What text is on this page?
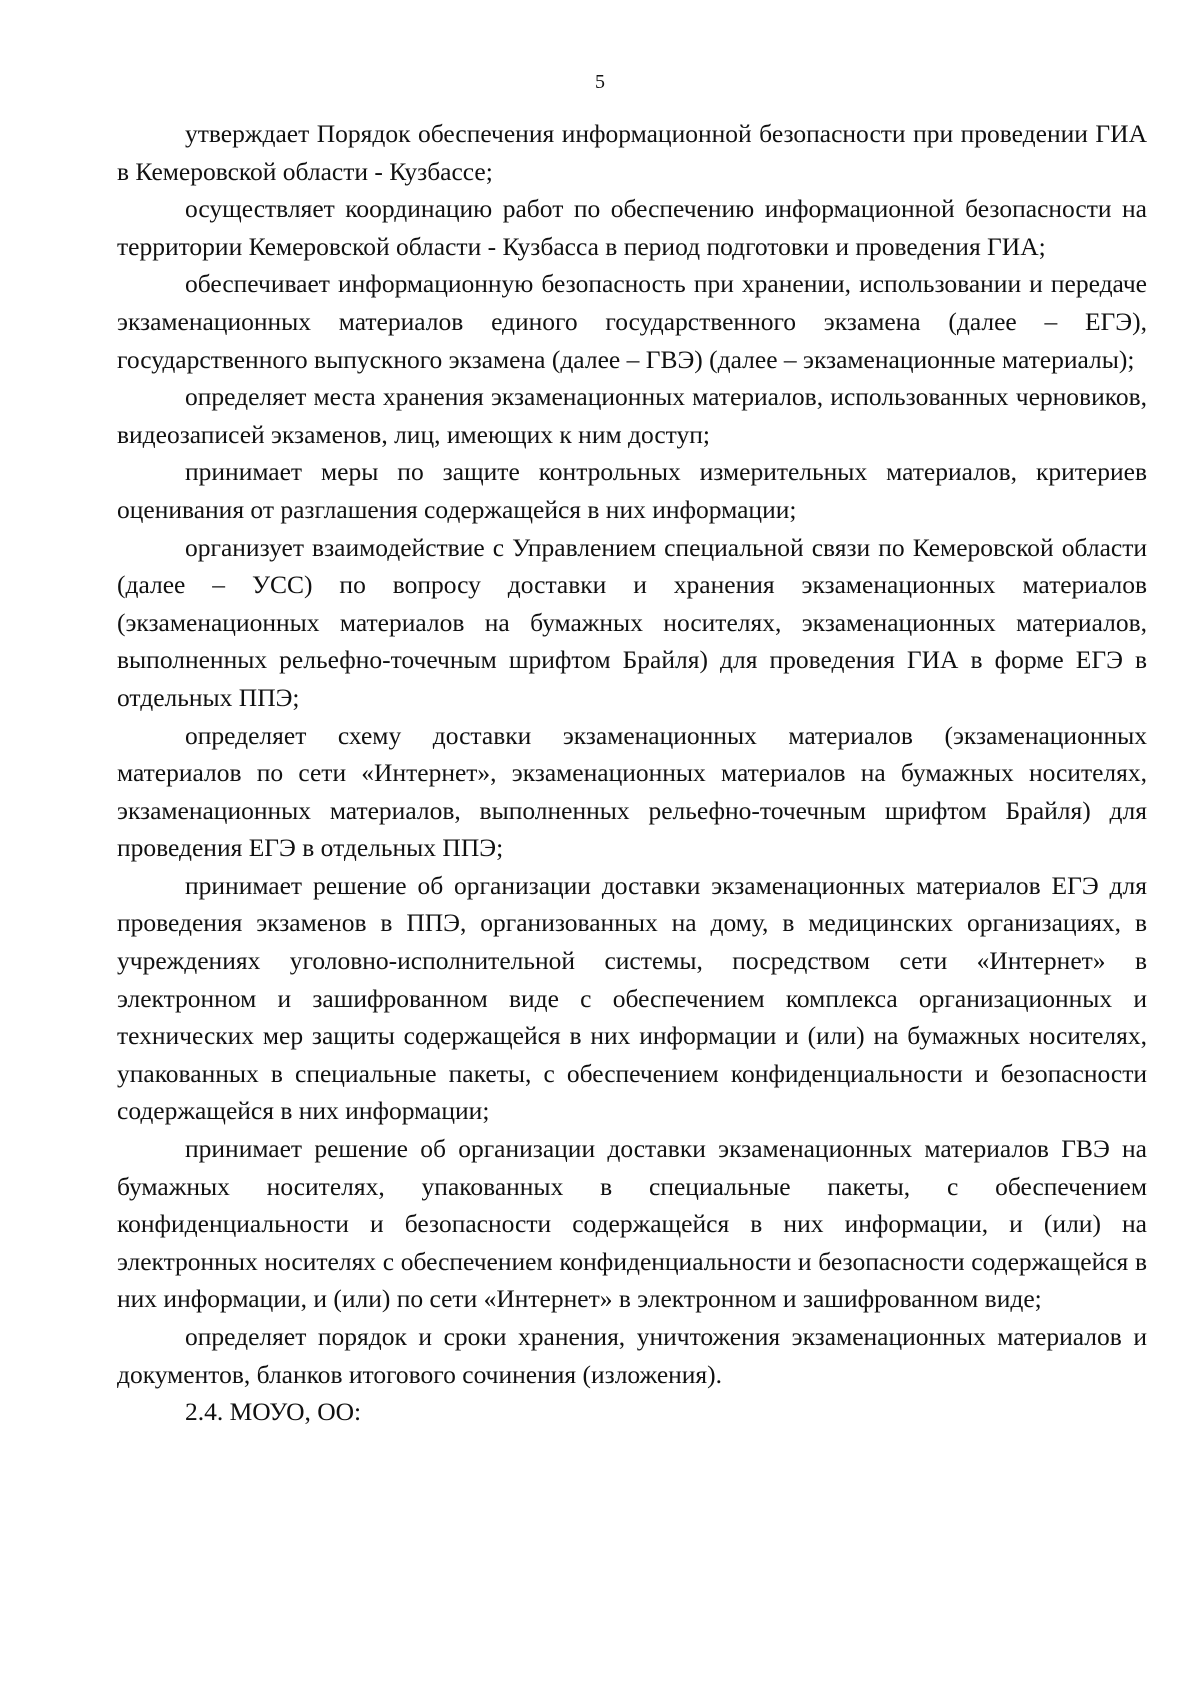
5

утверждает Порядок обеспечения информационной безопасности при проведении ГИА в Кемеровской области - Кузбассе;

осуществляет координацию работ по обеспечению информационной безопасности на территории Кемеровской области - Кузбасса в период подготовки и проведения ГИА;

обеспечивает информационную безопасность при хранении, использовании и передаче экзаменационных материалов единого государственного экзамена (далее – ЕГЭ), государственного выпускного экзамена (далее – ГВЭ) (далее – экзаменационные материалы);

определяет места хранения экзаменационных материалов, использованных черновиков, видеозаписей экзаменов, лиц, имеющих к ним доступ;

принимает меры по защите контрольных измерительных материалов, критериев оценивания от разглашения содержащейся в них информации;

организует взаимодействие с Управлением специальной связи по Кемеровской области (далее – УСС) по вопросу доставки и хранения экзаменационных материалов (экзаменационных материалов на бумажных носителях, экзаменационных материалов, выполненных рельефно-точечным шрифтом Брайля) для проведения ГИА в форме ЕГЭ в отдельных ППЭ;

определяет схему доставки экзаменационных материалов (экзаменационных материалов по сети «Интернет», экзаменационных материалов на бумажных носителях, экзаменационных материалов, выполненных рельефно-точечным шрифтом Брайля) для проведения ЕГЭ в отдельных ППЭ;

принимает решение об организации доставки экзаменационных материалов ЕГЭ для проведения экзаменов в ППЭ, организованных на дому, в медицинских организациях, в учреждениях уголовно-исполнительной системы, посредством сети «Интернет» в электронном и зашифрованном виде с обеспечением комплекса организационных и технических мер защиты содержащейся в них информации и (или) на бумажных носителях, упакованных в специальные пакеты, с обеспечением конфиденциальности и безопасности содержащейся в них информации;

принимает решение об организации доставки экзаменационных материалов ГВЭ на бумажных носителях, упакованных в специальные пакеты, с обеспечением конфиденциальности и безопасности содержащейся в них информации, и (или) на электронных носителях с обеспечением конфиденциальности и безопасности содержащейся в них информации, и (или) по сети «Интернет» в электронном и зашифрованном виде;

определяет порядок и сроки хранения, уничтожения экзаменационных материалов и документов, бланков итогового сочинения (изложения).

2.4. МОУО, ОО:
